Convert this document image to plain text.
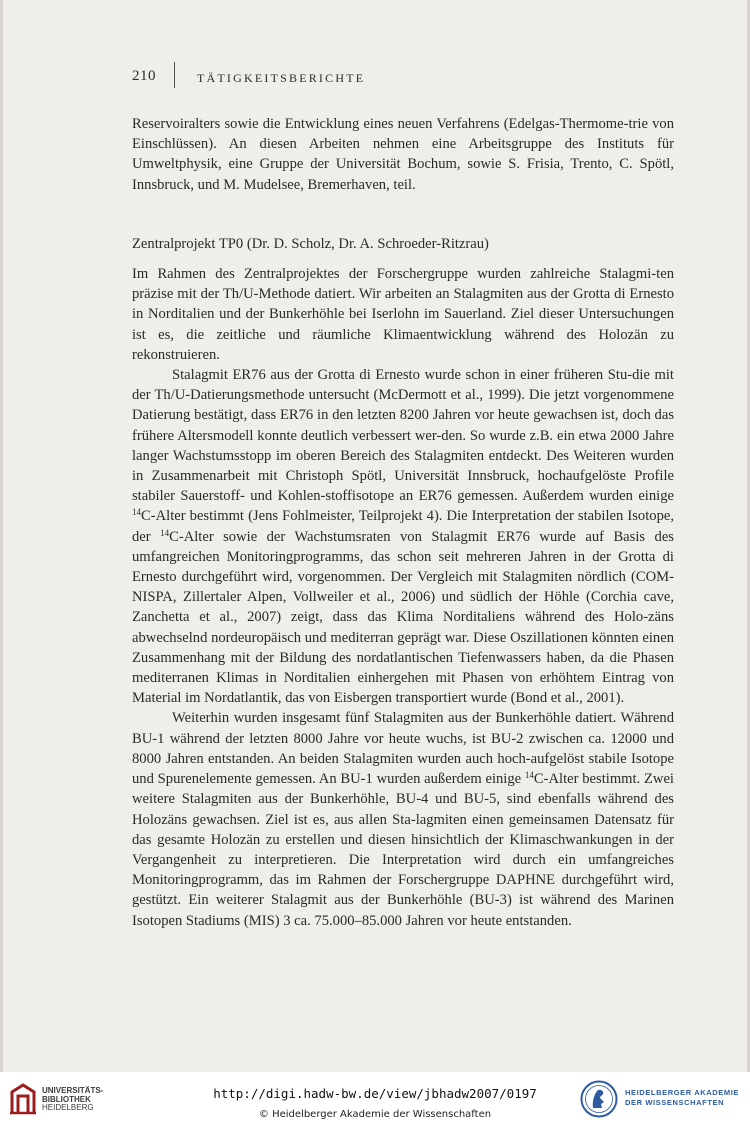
210	TÄTIGKEITSBERICHTE

Reservoiralters sowie die Entwicklung eines neuen Verfahrens (Edelgas-Thermome-trie von Einschlüssen). An diesen Arbeiten nehmen eine Arbeitsgruppe des Instituts für Umweltphysik, eine Gruppe der Universität Bochum, sowie S. Frisia, Trento, C. Spötl, Innsbruck, und M. Mudelsee, Bremerhaven, teil.

Zentralprojekt TP0 (Dr. D. Scholz, Dr. A. Schroeder-Ritzrau)

Im Rahmen des Zentralprojektes der Forschergruppe wurden zahlreiche Stalagmi-ten präzise mit der Th/U-Methode datiert. Wir arbeiten an Stalagmiten aus der Grotta di Ernesto in Norditalien und der Bunkerhöhle bei Iserlohn im Sauerland. Ziel dieser Untersuchungen ist es, die zeitliche und räumliche Klimaentwicklung während des Holozän zu rekonstruieren.

Stalagmit ER76 aus der Grotta di Ernesto wurde schon in einer früheren Stu-die mit der Th/U-Datierungsmethode untersucht (McDermott et al., 1999). Die jetzt vorgenommene Datierung bestätigt, dass ER76 in den letzten 8200 Jahren vor heute gewachsen ist, doch das frühere Altersmodell konnte deutlich verbessert wer-den. So wurde z.B. ein etwa 2000 Jahre langer Wachstumsstopp im oberen Bereich des Stalagmiten entdeckt. Des Weiteren wurden in Zusammenarbeit mit Christoph Spötl, Universität Innsbruck, hochaufgelöste Profile stabiler Sauerstoff- und Kohlen-stoffisotope an ER76 gemessen. Außerdem wurden einige $^{14}$C-Alter bestimmt (Jens Fohlmeister, Teilprojekt 4). Die Interpretation der stabilen Isotope, der $^{14}$C-Alter sowie der Wachstumsraten von Stalagmit ER76 wurde auf Basis des umfangreichen Monitoringprogramms, das schon seit mehreren Jahren in der Grotta di Ernesto durchgeführt wird, vorgenommen. Der Vergleich mit Stalagmiten nördlich (COM-NISPA, Zillertaler Alpen, Vollweiler et al., 2006) und südlich der Höhle (Corchia cave, Zanchetta et al., 2007) zeigt, dass das Klima Norditaliens während des Holo-zäns abwechselnd nordeuropäisch und mediterran geprägt war. Diese Oszillationen könnten einen Zusammenhang mit der Bildung des nordatlantischen Tiefenwassers haben, da die Phasen mediterranen Klimas in Norditalien einhergehen mit Phasen von erhöhtem Eintrag von Material im Nordatlantik, das von Eisbergen transportiert wurde (Bond et al., 2001).

Weiterhin wurden insgesamt fünf Stalagmiten aus der Bunkerhöhle datiert. Während BU-1 während der letzten 8000 Jahre vor heute wuchs, ist BU-2 zwischen ca. 12000 und 8000 Jahren entstanden. An beiden Stalagmiten wurden auch hoch-aufgelöst stabile Isotope und Spurenelemente gemessen. An BU-1 wurden außerdem einige $^{14}$C-Alter bestimmt. Zwei weitere Stalagmiten aus der Bunkerhöhle, BU-4 und BU-5, sind ebenfalls während des Holozäns gewachsen. Ziel ist es, aus allen Sta-lagmiten einen gemeinsamen Datensatz für das gesamte Holozän zu erstellen und diesen hinsichtlich der Klimaschwankungen in der Vergangenheit zu interpretieren. Die Interpretation wird durch ein umfangreiches Monitoringprogramm, das im Rahmen der Forschergruppe DAPHNE durchgeführt wird, gestützt. Ein weiterer Stalagmit aus der Bunkerhöhle (BU-3) ist während des Marinen Isotopen Stadiums (MIS) 3 ca. 75.000–85.000 Jahren vor heute entstanden.

UNIVERSITÄTS-
BIBLIOTHEK
HEIDELBERG
http://digi.hadw-bw.de/view/jbhadw2007/0197
© Heidelberger Akademie der Wissenschaften
HEIDELBERGER AKADEMIE
DER WISSENSCHAFTEN
